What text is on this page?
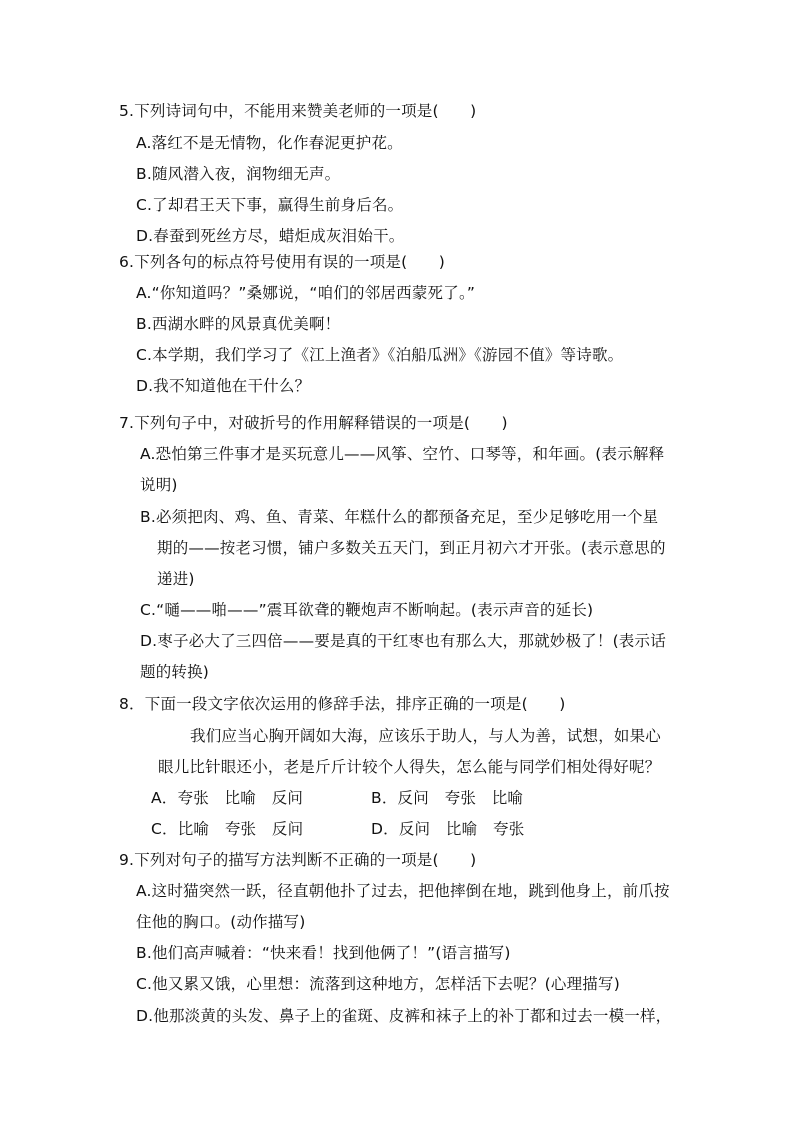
5.下列诗词句中，不能用来赞美老师的一项是(　　)
A.落红不是无情物，化作春泥更护花。
B.随风潜入夜，润物细无声。
C.了却君王天下事，赢得生前身后名。
D.春蚕到死丝方尽，蜡炬成灰泪始干。
6.下列各句的标点符号使用有误的一项是(　　)
A.“你知道吗？”桑娜说，“咱们的邻居西蒙死了。”
B.西湖水畔的风景真优美啊！
C.本学期，我们学习了《江上渔者》《泊船瓜洲》《游园不值》等诗歌。
D.我不知道他在干什么？
7.下列句子中，对破折号的作用解释错误的一项是(　　)
A.恐怕第三件事才是买玩意儿——风筝、空竹、口琴等，和年画。(表示解释
说明)
B.必须把肉、鸡、鱼、青菜、年糕什么的都预备充足，至少足够吃用一个星
期的——按老习惯，铺户多数关五天门，到正月初六才开张。(表示意思的
递进)
C.“嗵——啪——”震耳欲聋的鞭炮声不断响起。(表示声音的延长)
D.枣子必大了三四倍——要是真的干红枣也有那么大，那就妙极了！(表示话
题的转换)
8．下面一段文字依次运用的修辞手法，排序正确的一项是(　　)
我们应当心胸开阔如大海，应该乐于助人，与人为善，试想，如果心
眼儿比针眼还小，老是斤斤计较个人得失，怎么能与同学们相处得好呢？
A．夸张　比喻　反问	B．反问　夸张　比喻
C．比喻　夸张　反问	D．反问　比喻　夸张
9.下列对句子的描写方法判断不正确的一项是(　　)
A.这时猫突然一跃，径直朝他扑了过去，把他摔倒在地，跳到他身上，前爪按
住他的胸口。(动作描写)
B.他们高声喊着：“快来看！找到他俩了！”(语言描写)
C.他又累又饿，心里想：流落到这种地方，怎样活下去呢？(心理描写)
D.他那淡黄的头发、鼻子上的雀斑、皮裤和袜子上的补丁都和过去一模一样，
